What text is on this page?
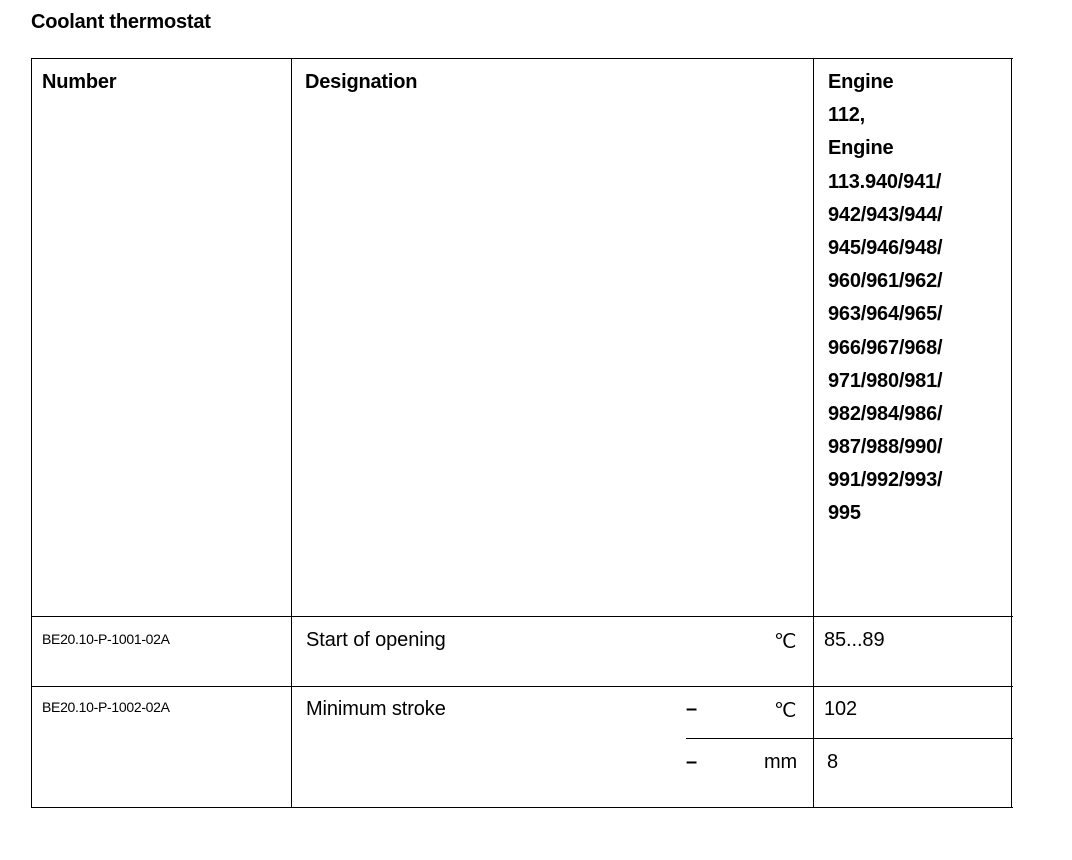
Coolant thermostat
Number	Designation	Engine
112,
Engine
113.940/941/
942/943/944/
945/946/948/
960/961/962/
963/964/965/
966/967/968/
971/980/981/
982/984/986/
987/988/990/
991/992/993/
995
BE20.10-P-1001-02A	Start of opening	℃ 85...89
BE20.10-P-1002-02A	Minimum stroke	–	℃ 102
–	mm 8
